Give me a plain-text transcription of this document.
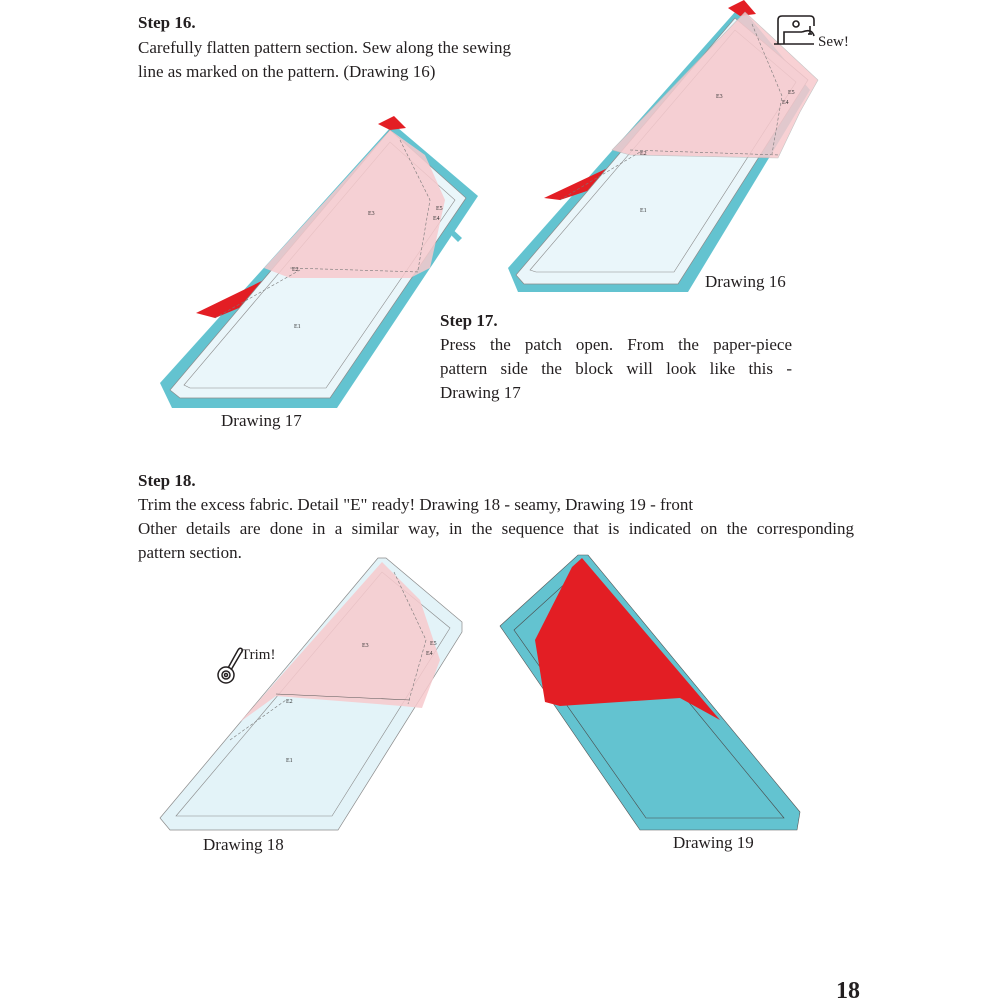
Step 16.
Carefully flatten pattern section. Sew along the sewing
line as marked on the pattern. (Drawing 16)
Step 17.
Press the patch open. From the paper-piece
pattern side the block will look like this -
Drawing 17
Step 18.
Trim the excess fabric. Detail "E" ready! Drawing 18 - seamy, Drawing 19 - front
Other details are done in a similar way, in the sequence that is indicated on the corresponding
pattern section.
Drawing 16
Drawing 17
Drawing 18	Drawing 19
Sew!
Trim!
18
E3
E2
E1
E5
E4
E3
E2
E1
E5
E4
E3
E2
E1
E5
E4
